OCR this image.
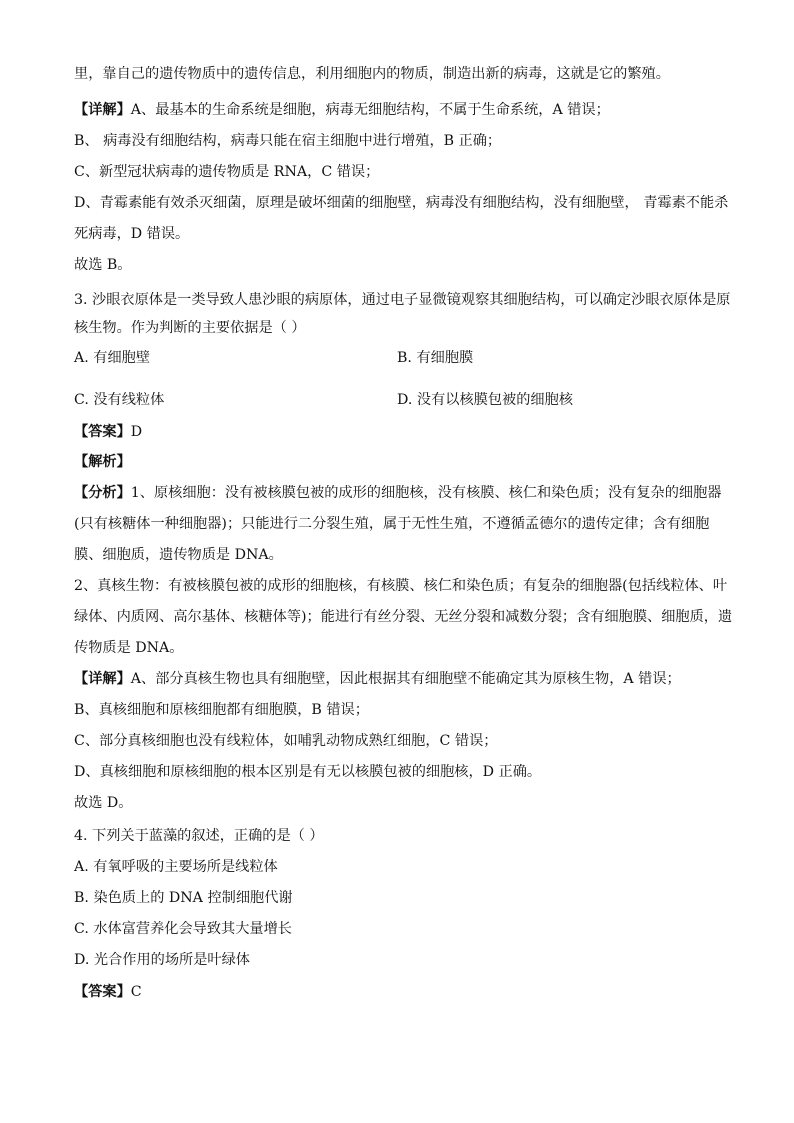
里，靠自己的遗传物质中的遗传信息，利用细胞内的物质，制造出新的病毒，这就是它的繁殖。
【详解】A、最基本的生命系统是细胞，病毒无细胞结构，不属于生命系统，A 错误；
B、 病毒没有细胞结构，病毒只能在宿主细胞中进行增殖，B 正确；
C、新型冠状病毒的遗传物质是 RNA，C 错误；
D、青霉素能有效杀灭细菌，原理是破坏细菌的细胞壁，病毒没有细胞结构，没有细胞壁， 青霉素不能杀
死病毒，D 错误。
故选 B。
3. 沙眼衣原体是一类导致人患沙眼的病原体，通过电子显微镜观察其细胞结构，可以确定沙眼衣原体是原
核生物。作为判断的主要依据是（ ）
A. 有细胞壁	B. 有细胞膜
C. 没有线粒体	D. 没有以核膜包被的细胞核
【答案】D
【解析】
【分析】1、原核细胞：没有被核膜包被的成形的细胞核，没有核膜、核仁和染色质；没有复杂的细胞器
(只有核糖体一种细胞器)；只能进行二分裂生殖，属于无性生殖，不遵循孟德尔的遗传定律；含有细胞
膜、细胞质，遗传物质是 DNA。
2、真核生物：有被核膜包被的成形的细胞核，有核膜、核仁和染色质；有复杂的细胞器(包括线粒体、叶
绿体、内质网、高尔基体、核糖体等)；能进行有丝分裂、无丝分裂和减数分裂；含有细胞膜、细胞质，遗
传物质是 DNA。
【详解】A、部分真核生物也具有细胞壁，因此根据其有细胞壁不能确定其为原核生物，A 错误；
B、真核细胞和原核细胞都有细胞膜，B 错误；
C、部分真核细胞也没有线粒体，如哺乳动物成熟红细胞，C 错误；
D、真核细胞和原核细胞的根本区别是有无以核膜包被的细胞核，D 正确。
故选 D。
4. 下列关于蓝藻的叙述，正确的是（ ）
A. 有氧呼吸的主要场所是线粒体
B. 染色质上的 DNA 控制细胞代谢
C. 水体富营养化会导致其大量增长
D. 光合作用的场所是叶绿体
【答案】C
